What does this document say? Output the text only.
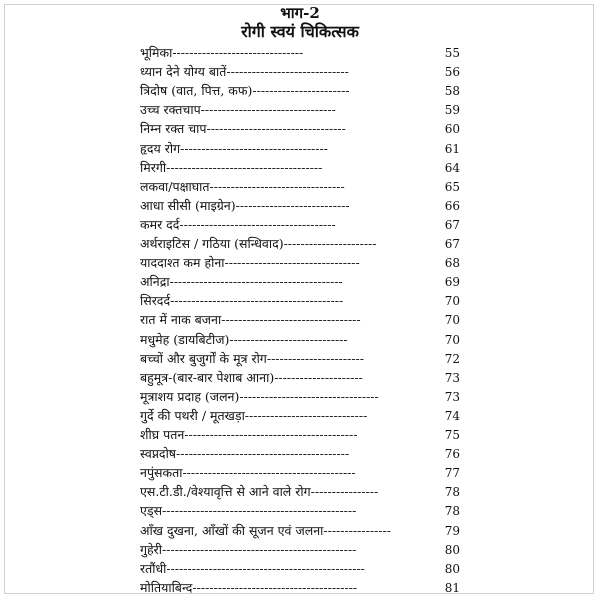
भाग-2
रोगी स्वयं चिकित्सक
भूमिका-------------------------------	55
ध्यान देने योग्य बातें-----------------------------	56
त्रिदोष (वात, पित्त, कफ)-----------------------	58
उच्च रक्तचाप--------------------------------	59
निम्न रक्त चाप---------------------------------	60
हृदय रोग-----------------------------------	61
मिरगी-------------------------------------	64
लकवा/पक्षाघात--------------------------------	65
आधा सीसी (माइग्रेन)---------------------------	66
कमर दर्द-------------------------------------	67
अर्थराइटिस / गठिया (सन्धिवाद)----------------------	67
याददाश्त कम होना--------------------------------	68
अनिद्रा-----------------------------------------	69
सिरदर्द-----------------------------------------	70
रात में नाक बजना---------------------------------	70
मधुमेह (डायबिटीज)----------------------------	70
बच्चों और बुजुर्गों के मूत्र रोग-----------------------	72
बहुमूत्र-(बार-बार पेशाब आना)---------------------	73
मूत्राशय प्रदाह (जलन)---------------------------------	73
गुर्दे की पथरी / मूतखड़ा-----------------------------	74
शीघ्र पतन-----------------------------------------	75
स्वप्नदोष-----------------------------------------	76
नपुंसकता-----------------------------------------	77
एस.टी.डी./वेश्यावृत्ति से आने वाले रोग----------------	78
एड्स----------------------------------------------	78
आँख दुखना, आँखों की सूजन एवं जलना----------------	79
गुहेरी----------------------------------------------	80
रतौंधी-----------------------------------------------	80
मोतियाबिन्द---------------------------------------	81
